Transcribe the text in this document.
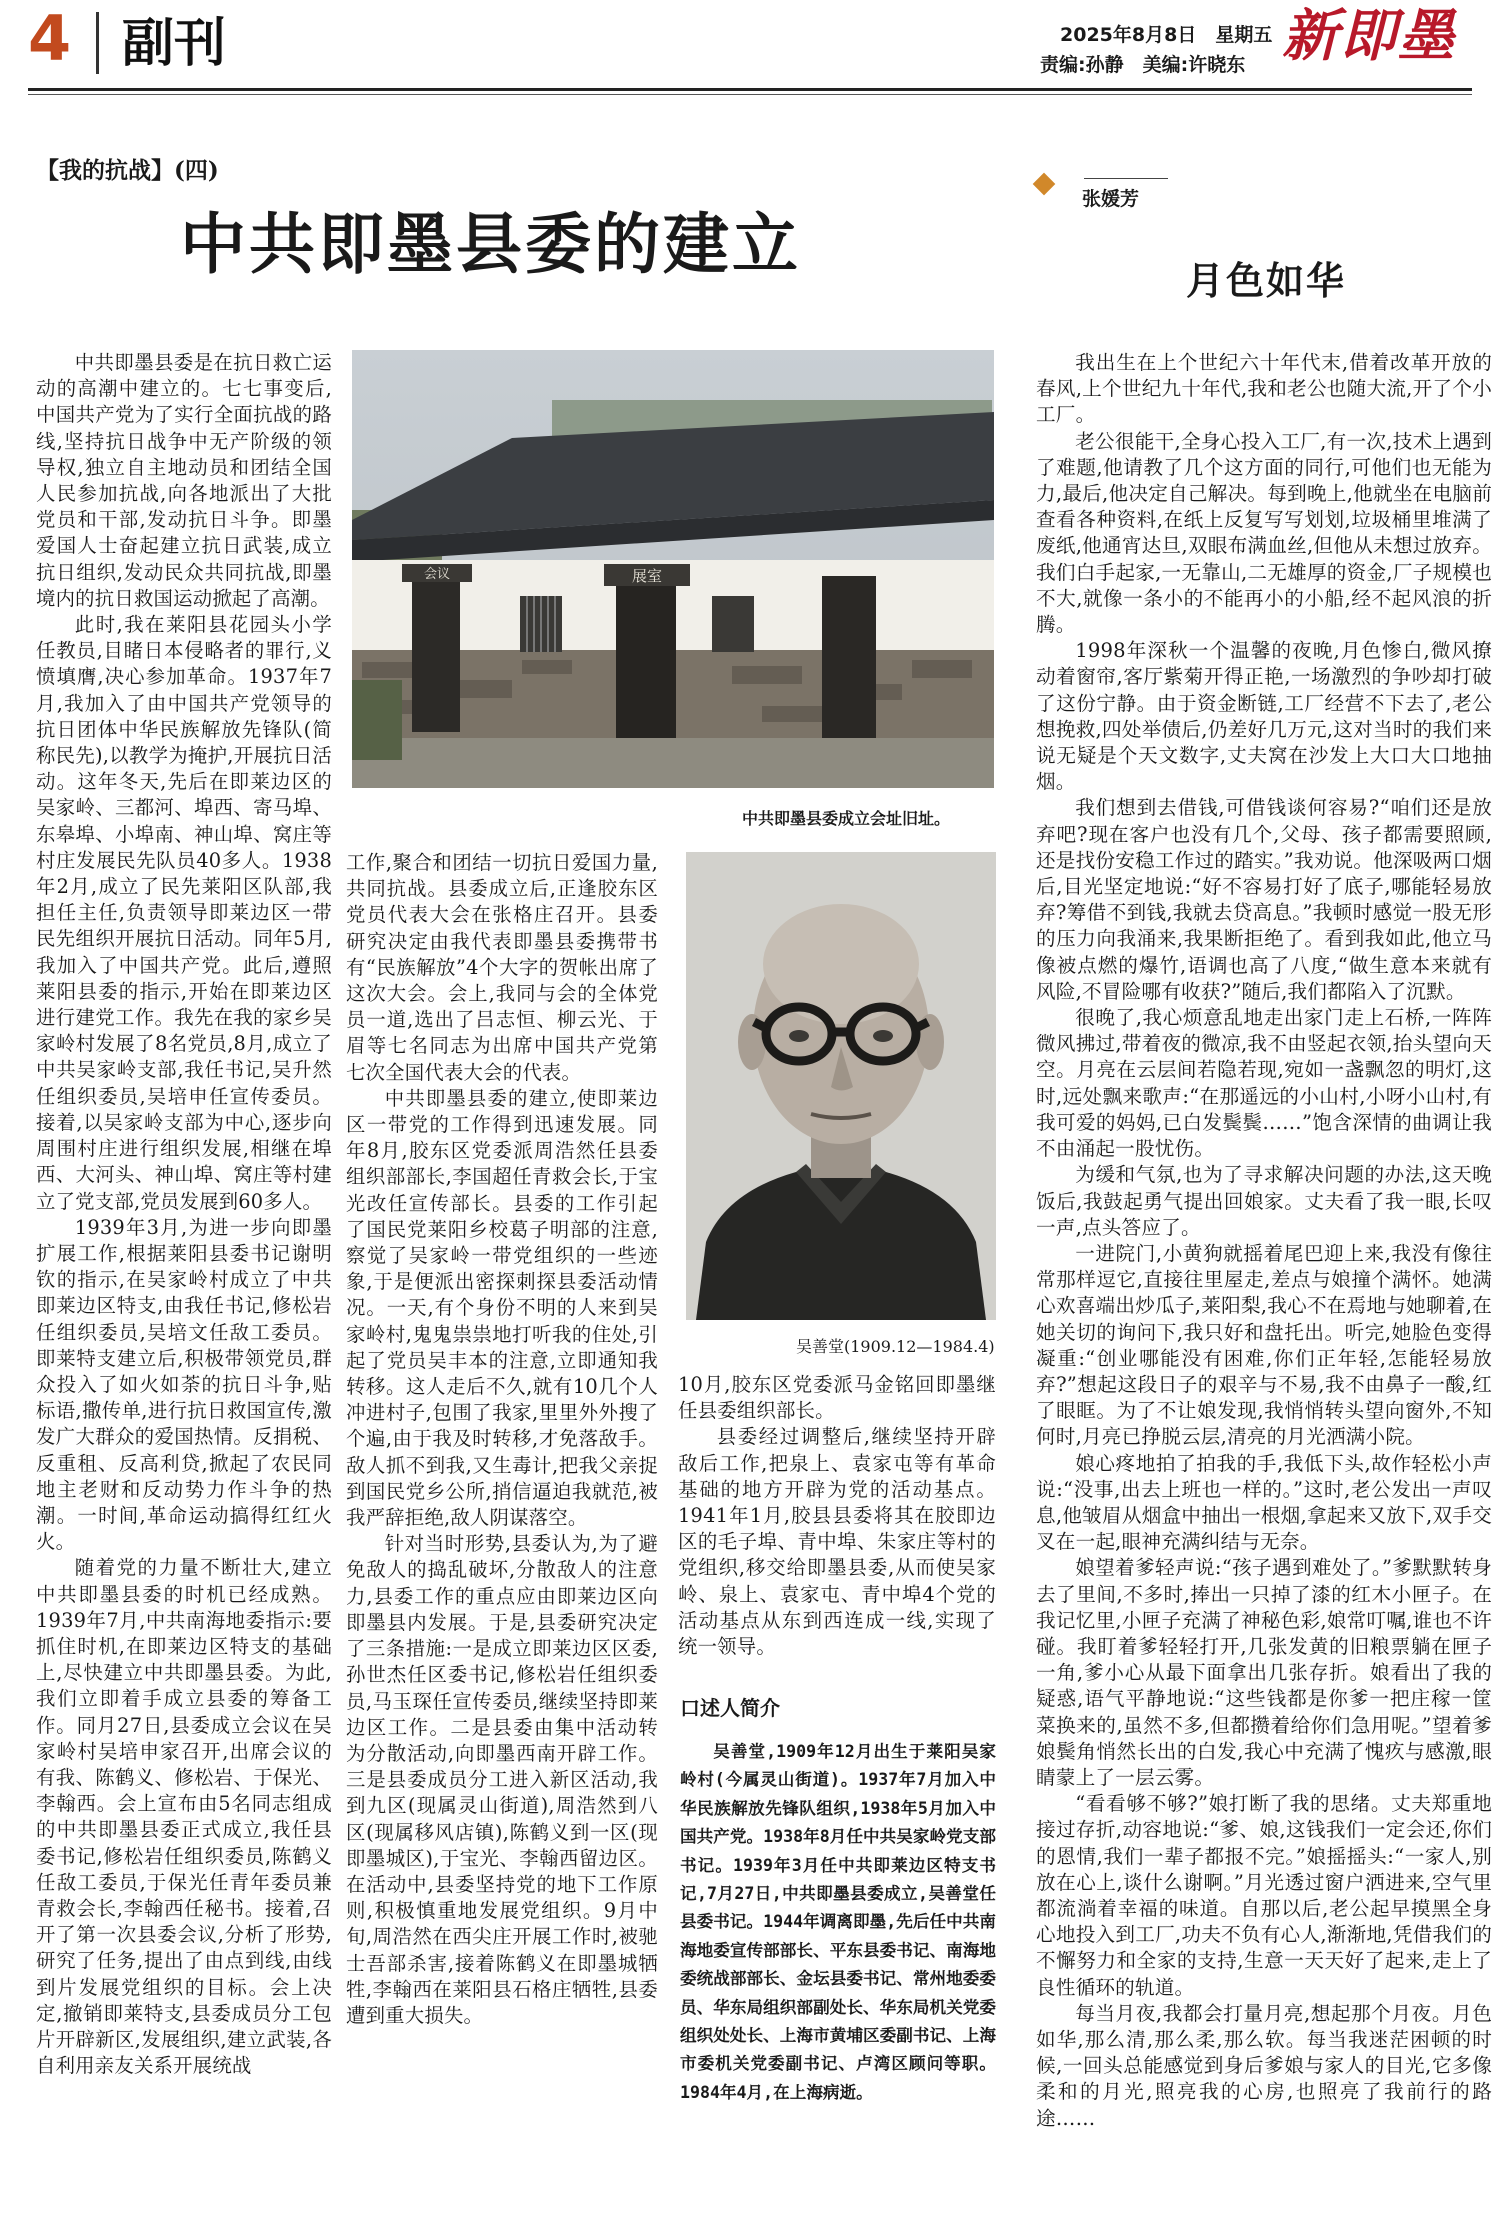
4 副刊	2025年8月8日　星期五
责编:孙静　美编:许晓东 新即墨
【我的抗战】(四)
中共即墨县委的建立

中共即墨县委是在抗日救亡运动的高潮中建立的。七七事变后,中国共产党为了实行全面抗战的路线,坚持抗日战争中无产阶级的领导权,独立自主地动员和团结全国人民参加抗战,向各地派出了大批党员和干部,发动抗日斗争。即墨爱国人士奋起建立抗日武装,成立抗日组织,发动民众共同抗战,即墨境内的抗日救国运动掀起了高潮。

此时,我在莱阳县花园头小学任教员,目睹日本侵略者的罪行,义愤填膺,决心参加革命。1937年7月,我加入了由中国共产党领导的抗日团体中华民族解放先锋队(简称民先),以教学为掩护,开展抗日活动。这年冬天,先后在即莱边区的吴家岭、三都河、埠西、寄马埠、东皋埠、小埠南、神山埠、窝庄等村庄发展民先队员40多人。1938年2月,成立了民先莱阳区队部,我担任主任,负责领导即莱边区一带民先组织开展抗日活动。同年5月,我加入了中国共产党。此后,遵照莱阳县委的指示,开始在即莱边区进行建党工作。我先在我的家乡吴家岭村发展了8名党员,8月,成立了中共吴家岭支部,我任书记,吴升然任组织委员,吴培申任宣传委员。接着,以吴家岭支部为中心,逐步向周围村庄进行组织发展,相继在埠西、大河头、神山埠、窝庄等村建立了党支部,党员发展到60多人。

1939年3月,为进一步向即墨扩展工作,根据莱阳县委书记谢明钦的指示,在吴家岭村成立了中共即莱边区特支,由我任书记,修松岩任组织委员,吴培文任敌工委员。即莱特支建立后,积极带领党员,群众投入了如火如荼的抗日斗争,贴标语,撒传单,进行抗日救国宣传,激发广大群众的爱国热情。反捐税、反重租、反高利贷,掀起了农民同地主老财和反动势力作斗争的热潮。一时间,革命运动搞得红红火火。

随着党的力量不断壮大,建立中共即墨县委的时机已经成熟。1939年7月,中共南海地委指示:要抓住时机,在即莱边区特支的基础上,尽快建立中共即墨县委。为此,我们立即着手成立县委的筹备工作。同月27日,县委成立会议在吴家岭村吴培申家召开,出席会议的有我、陈鹤义、修松岩、于保光、李翰西。会上宣布由5名同志组成的中共即墨县委正式成立,我任县委书记,修松岩任组织委员,陈鹤义任敌工委员,于保光任青年委员兼青救会长,李翰西任秘书。接着,召开了第一次县委会议,分析了形势,研究了任务,提出了由点到线,由线到片发展党组织的目标。会上决定,撤销即莱特支,县委成员分工包片开辟新区,发展组织,建立武装,各自利用亲友关系开展统战

会议	展室
中共即墨县委成立会址旧址。

工作,聚合和团结一切抗日爱国力量,共同抗战。县委成立后,正逢胶东区党员代表大会在张格庄召开。县委研究决定由我代表即墨县委携带书有“民族解放”4个大字的贺帐出席了这次大会。会上,我同与会的全体党员一道,选出了吕志恒、柳云光、于眉等七名同志为出席中国共产党第七次全国代表大会的代表。

中共即墨县委的建立,使即莱边区一带党的工作得到迅速发展。同年8月,胶东区党委派周浩然任县委组织部部长,李国超任青救会长,于宝光改任宣传部长。县委的工作引起了国民党莱阳乡校葛子明部的注意,察觉了吴家岭一带党组织的一些迹象,于是便派出密探刺探县委活动情况。一天,有个身份不明的人来到吴家岭村,鬼鬼祟祟地打听我的住处,引起了党员吴丰本的注意,立即通知我转移。这人走后不久,就有10几个人冲进村子,包围了我家,里里外外搜了个遍,由于我及时转移,才免落敌手。敌人抓不到我,又生毒计,把我父亲捉到国民党乡公所,捎信逼迫我就范,被我严辞拒绝,敌人阴谋落空。

针对当时形势,县委认为,为了避免敌人的捣乱破坏,分散敌人的注意力,县委工作的重点应由即莱边区向即墨县内发展。于是,县委研究决定了三条措施:一是成立即莱边区区委,孙世杰任区委书记,修松岩任组织委员,马玉琛任宣传委员,继续坚持即莱边区工作。二是县委由集中活动转为分散活动,向即墨西南开辟工作。三是县委成员分工进入新区活动,我到九区(现属灵山街道),周浩然到八区(现属移风店镇),陈鹤义到一区(现即墨城区),于宝光、李翰西留边区。在活动中,县委坚持党的地下工作原则,积极慎重地发展党组织。9月中旬,周浩然在西尖庄开展工作时,被驰士吾部杀害,接着陈鹤义在即墨城牺牲,李翰西在莱阳县石格庄牺牲,县委遭到重大损失。

吴善堂(1909.12—1984.4)

10月,胶东区党委派马金铭回即墨继任县委组织部长。

县委经过调整后,继续坚持开辟敌后工作,把泉上、袁家屯等有革命基础的地方开辟为党的活动基点。1941年1月,胶县县委将其在胶即边区的毛子埠、青中埠、朱家庄等村的党组织,移交给即墨县委,从而使吴家岭、泉上、袁家屯、青中埠4个党的活动基点从东到西连成一线,实现了统一领导。

口述人简介

吴善堂,1909年12月出生于莱阳吴家岭村(今属灵山街道)。1937年7月加入中华民族解放先锋队组织,1938年5月加入中国共产党。1938年8月任中共吴家岭党支部书记。1939年3月任中共即莱边区特支书记,7月27日,中共即墨县委成立,吴善堂任县委书记。1944年调离即墨,先后任中共南海地委宣传部部长、平东县委书记、南海地委统战部部长、金坛县委书记、常州地委委员、华东局组织部副处长、华东局机关党委组织处处长、上海市黄埔区委副书记、上海市委机关党委副书记、卢湾区顾问等职。1984年4月,在上海病逝。

张媛芳
月色如华

我出生在上个世纪六十年代末,借着改革开放的春风,上个世纪九十年代,我和老公也随大流,开了个小工厂。

老公很能干,全身心投入工厂,有一次,技术上遇到了难题,他请教了几个这方面的同行,可他们也无能为力,最后,他决定自己解决。每到晚上,他就坐在电脑前查看各种资料,在纸上反复写写划划,垃圾桶里堆满了废纸,他通宵达旦,双眼布满血丝,但他从未想过放弃。我们白手起家,一无靠山,二无雄厚的资金,厂子规模也不大,就像一条小的不能再小的小船,经不起风浪的折腾。

1998年深秋一个温馨的夜晚,月色惨白,微风撩动着窗帘,客厅紫菊开得正艳,一场激烈的争吵却打破了这份宁静。由于资金断链,工厂经营不下去了,老公想挽救,四处举债后,仍差好几万元,这对当时的我们来说无疑是个天文数字,丈夫窝在沙发上大口大口地抽烟。

我们想到去借钱,可借钱谈何容易?“咱们还是放弃吧?现在客户也没有几个,父母、孩子都需要照顾,还是找份安稳工作过的踏实。”我劝说。他深吸两口烟后,目光坚定地说:“好不容易打好了底子,哪能轻易放弃?筹借不到钱,我就去贷高息。”我顿时感觉一股无形的压力向我涌来,我果断拒绝了。看到我如此,他立马像被点燃的爆竹,语调也高了八度,“做生意本来就有风险,不冒险哪有收获?”随后,我们都陷入了沉默。

很晚了,我心烦意乱地走出家门走上石桥,一阵阵微风拂过,带着夜的微凉,我不由竖起衣领,抬头望向天空。月亮在云层间若隐若现,宛如一盏飘忽的明灯,这时,远处飘来歌声:“在那遥远的小山村,小呀小山村,有我可爱的妈妈,已白发鬓鬓……”饱含深情的曲调让我不由涌起一股忧伤。

为缓和气氛,也为了寻求解决问题的办法,这天晚饭后,我鼓起勇气提出回娘家。丈夫看了我一眼,长叹一声,点头答应了。

一进院门,小黄狗就摇着尾巴迎上来,我没有像往常那样逗它,直接往里屋走,差点与娘撞个满怀。她满心欢喜端出炒瓜子,莱阳梨,我心不在焉地与她聊着,在她关切的询问下,我只好和盘托出。听完,她脸色变得凝重:“创业哪能没有困难,你们正年轻,怎能轻易放弃?”想起这段日子的艰辛与不易,我不由鼻子一酸,红了眼眶。为了不让娘发现,我悄悄转头望向窗外,不知何时,月亮已挣脱云层,清亮的月光洒满小院。

娘心疼地拍了拍我的手,我低下头,故作轻松小声说:“没事,出去上班也一样的。”这时,老公发出一声叹息,他皱眉从烟盒中抽出一根烟,拿起来又放下,双手交叉在一起,眼神充满纠结与无奈。

娘望着爹轻声说:“孩子遇到难处了。”爹默默转身去了里间,不多时,捧出一只掉了漆的红木小匣子。在我记忆里,小匣子充满了神秘色彩,娘常叮嘱,谁也不许碰。我盯着爹轻轻打开,几张发黄的旧粮票躺在匣子一角,爹小心从最下面拿出几张存折。娘看出了我的疑惑,语气平静地说:“这些钱都是你爹一把庄稼一筐菜换来的,虽然不多,但都攒着给你们急用呢。”望着爹娘鬓角悄然长出的白发,我心中充满了愧疚与感激,眼睛蒙上了一层云雾。

“看看够不够?”娘打断了我的思绪。丈夫郑重地接过存折,动容地说:“爹、娘,这钱我们一定会还,你们的恩情,我们一辈子都报不完。”娘摇摇头:“一家人,别放在心上,谈什么谢啊。”月光透过窗户洒进来,空气里都流淌着幸福的味道。自那以后,老公起早摸黑全身心地投入到工厂,功夫不负有心人,渐渐地,凭借我们的不懈努力和全家的支持,生意一天天好了起来,走上了良性循环的轨道。

每当月夜,我都会打量月亮,想起那个月夜。月色如华,那么清,那么柔,那么软。每当我迷茫困顿的时候,一回头总能感觉到身后爹娘与家人的目光,它多像柔和的月光,照亮我的心房,也照亮了我前行的路途……
